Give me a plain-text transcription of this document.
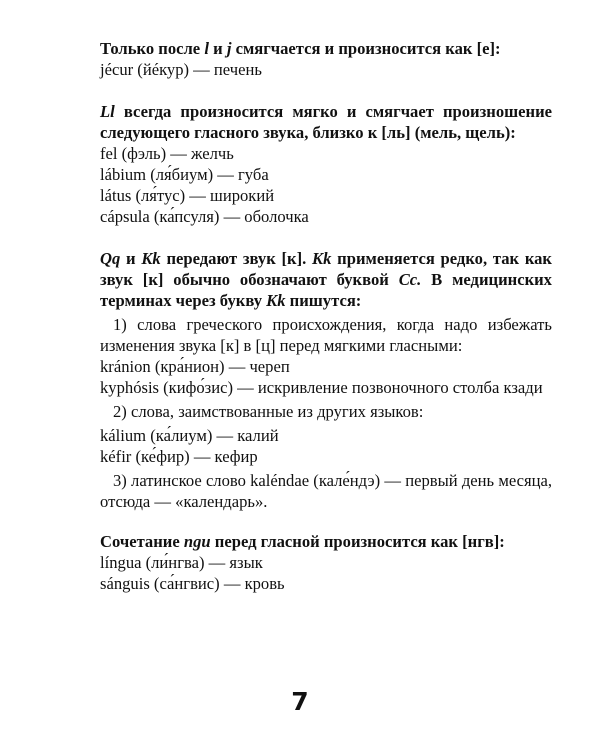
Только после l и j смягчается и произносится как [е]:

jécur (йéкур) — печень

Ll всегда произносится мягко и смягчает произношение следующего гласного звука, близко к [ль] (мель, щель):

fel (фэль) — желчь

lábium (ля́биум) — губа

látus (ля́тус) — широкий

cápsula (ка́псуля) — оболочка

Qq и Kk передают звук [к]. Kk применяется редко, так как звук [к] обычно обозначают буквой Cc. В медицинских терминах через букву Kk пишутся:

1) слова греческого происхождения, когда надо избежать изменения звука [к] в [ц] перед мягкими гласными:

kránion (кра́нион) — череп

kyphósis (кифо́зис) — искривление позвоночного столба кзади

2) слова, заимствованные из других языков:

kálium (ка́лиум) — калий

kéfir (ке́фир) — кефир

3) латинское слово kaléndae (кале́ндэ) — первый день месяца, отсюда — «календарь».

Сочетание ngu перед гласной произносится как [нгв]:

língua (ли́нгва) — язык

sánguis (са́нгвис) — кровь

7
